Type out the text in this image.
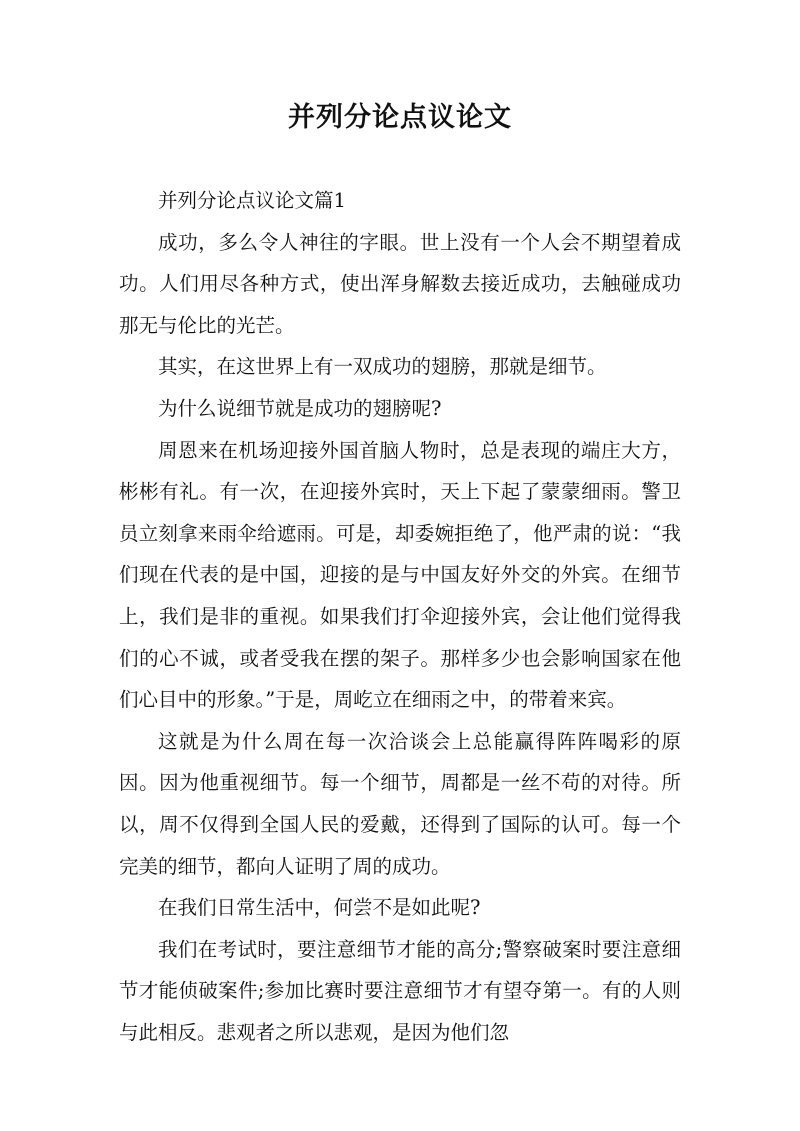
并列分论点议论文

并列分论点议论文篇1

成功，多么令人神往的字眼。世上没有一个人会不期望着成功。人们用尽各种方式，使出浑身解数去接近成功，去触碰成功那无与伦比的光芒。

其实，在这世界上有一双成功的翅膀，那就是细节。

为什么说细节就是成功的翅膀呢?

周恩来在机场迎接外国首脑人物时，总是表现的端庄大方，彬彬有礼。有一次，在迎接外宾时，天上下起了蒙蒙细雨。警卫员立刻拿来雨伞给遮雨。可是，却委婉拒绝了，他严肃的说：“我们现在代表的是中国，迎接的是与中国友好外交的外宾。在细节上，我们是非的重视。如果我们打伞迎接外宾，会让他们觉得我们的心不诚，或者受我在摆的架子。那样多少也会影响国家在他们心目中的形象。”于是，周屹立在细雨之中，的带着来宾。

这就是为什么周在每一次洽谈会上总能赢得阵阵喝彩的原因。因为他重视细节。每一个细节，周都是一丝不苟的对待。所以，周不仅得到全国人民的爱戴，还得到了国际的认可。每一个完美的细节，都向人证明了周的成功。

在我们日常生活中，何尝不是如此呢?

我们在考试时，要注意细节才能的高分;警察破案时要注意细节才能侦破案件;参加比赛时要注意细节才有望夺第一。有的人则与此相反。悲观者之所以悲观，是因为他们忽
